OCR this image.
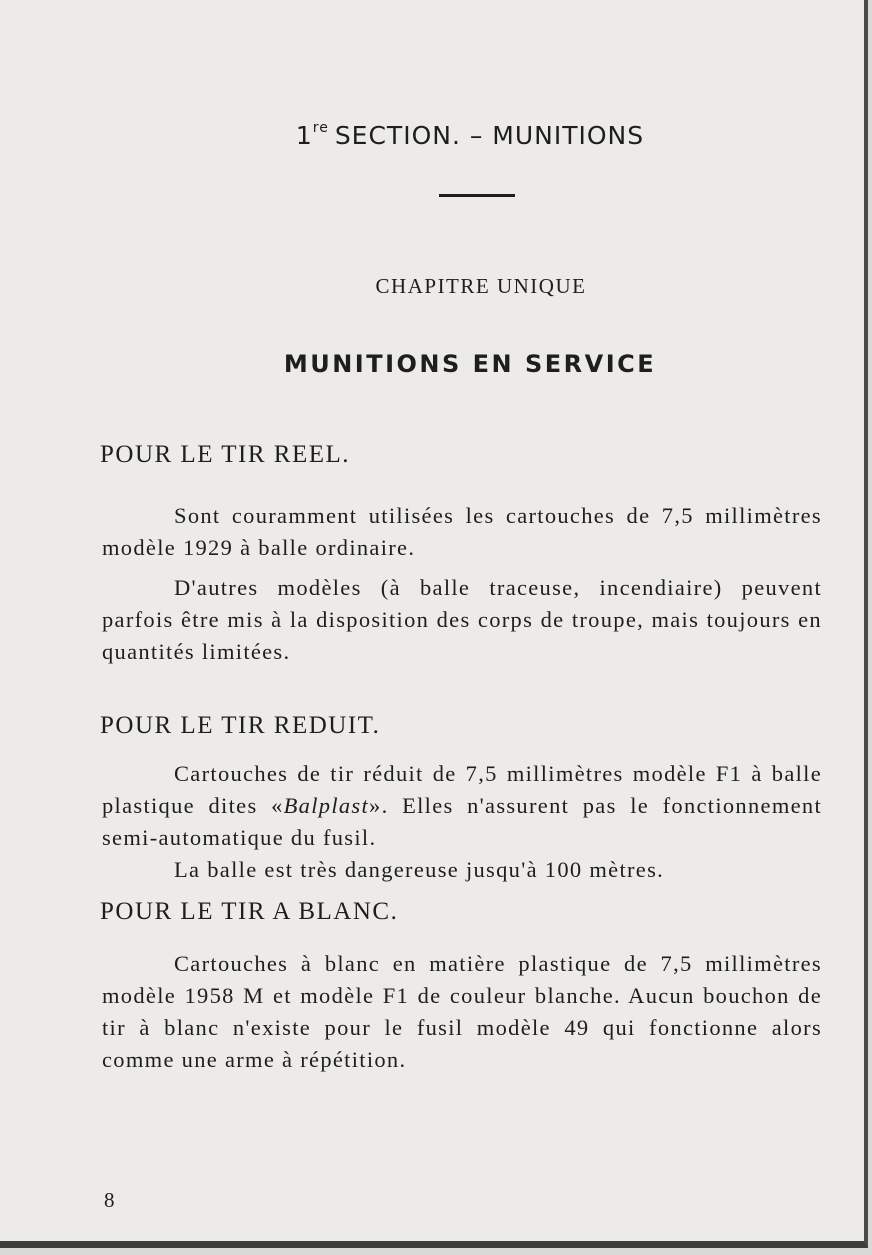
1re SECTION. – MUNITIONS
CHAPITRE UNIQUE
MUNITIONS EN SERVICE
POUR LE TIR REEL.

Sont couramment utilisées les cartouches de 7,5 millimètres modèle 1929 à balle ordinaire.

D'autres modèles (à balle traceuse, incendiaire) peuvent parfois être mis à la disposition des corps de troupe, mais toujours en quantités limitées.

POUR LE TIR REDUIT.

Cartouches de tir réduit de 7,5 millimètres modèle F1 à balle plastique dites «Balplast». Elles n'assurent pas le fonctionnement semi-automatique du fusil.

La balle est très dangereuse jusqu'à 100 mètres.

POUR LE TIR A BLANC.

Cartouches à blanc en matière plastique de 7,5 millimètres modèle 1958 M et modèle F1 de couleur blanche. Aucun bouchon de tir à blanc n'existe pour le fusil modèle 49 qui fonctionne alors comme une arme à répétition.

8
